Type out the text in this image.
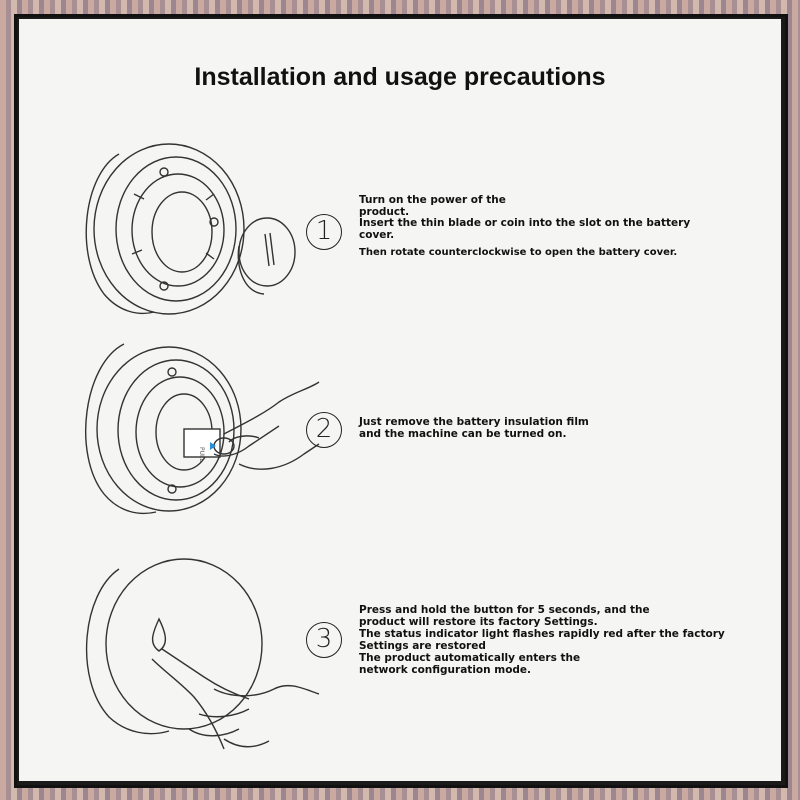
Installation and usage precautions
1
Turn on the power of the product.
Insert the thin blade or coin into the slot on the battery cover.
Then rotate counterclockwise to open the battery cover.
PULL
2	Just remove the battery insulation film and the machine can be turned on.
3
Press and hold the button for 5 seconds, and the product will restore its factory Settings.
The status indicator light flashes rapidly red after the factory Settings are restored
The product automatically enters the network configuration mode.
